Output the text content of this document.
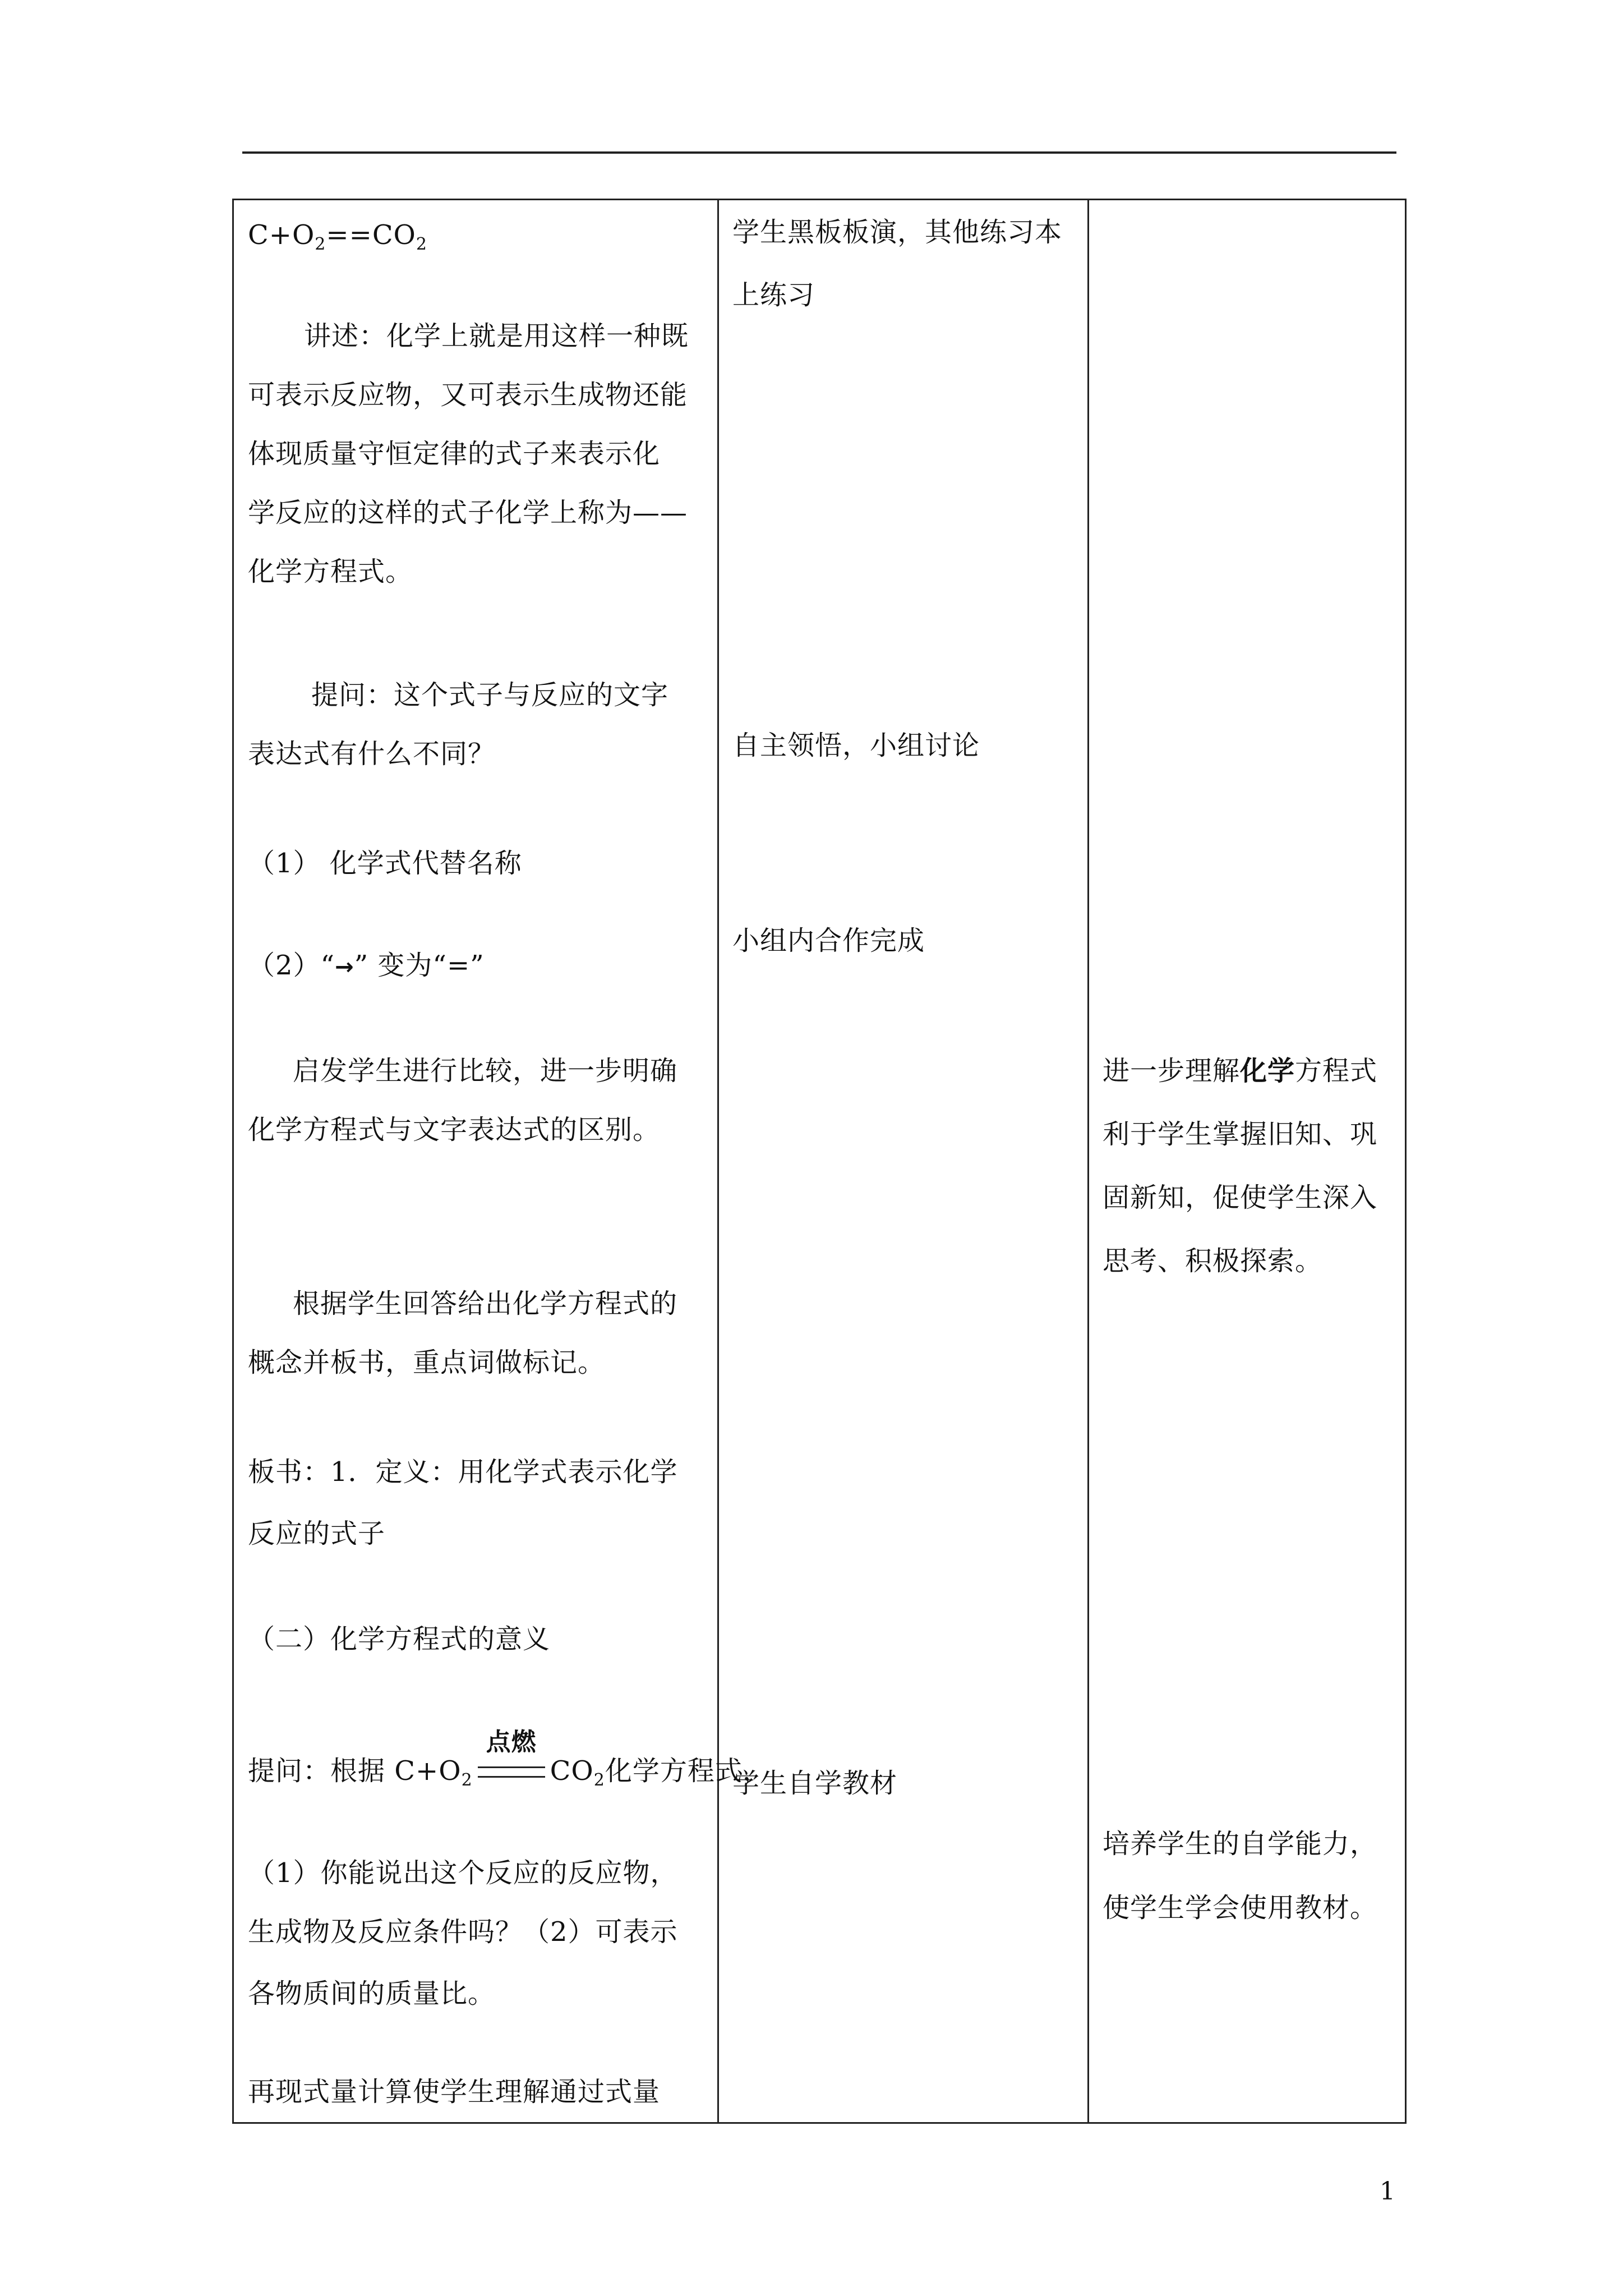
$C+O_2==CO_2$

讲述：化学上就是用这样一种既

可表示反应物，又可表示生成物还能

体现质量守恒定律的式子来表示化

学反应的这样的式子化学上称为——

化学方程式。

提问：这个式子与反应的文字

表达式有什么不同？

（1） 化学式代替名称

（2）“→” 变为“=”

启发学生进行比较，进一步明确

化学方程式与文字表达式的区别。

根据学生回答给出化学方程式的

概念并板书，重点词做标记。

板书：1．定义：用化学式表示化学

反应的式子

（二）化学方程式的意义

提问：根据 $C+O_2$
点燃
$CO_2$化学方程式，

（1）你能说出这个反应的反应物，

生成物及反应条件吗？（2）可表示

各物质间的质量比。

再现式量计算使学生理解通过式量

学生黑板板演，其他练习本

上练习

自主领悟，小组讨论

小组内合作完成

学生自学教材

进一步理解化学方程式

利于学生掌握旧知、巩

固新知，促使学生深入

思考、积极探索。

培养学生的自学能力，

使学生学会使用教材。

1
